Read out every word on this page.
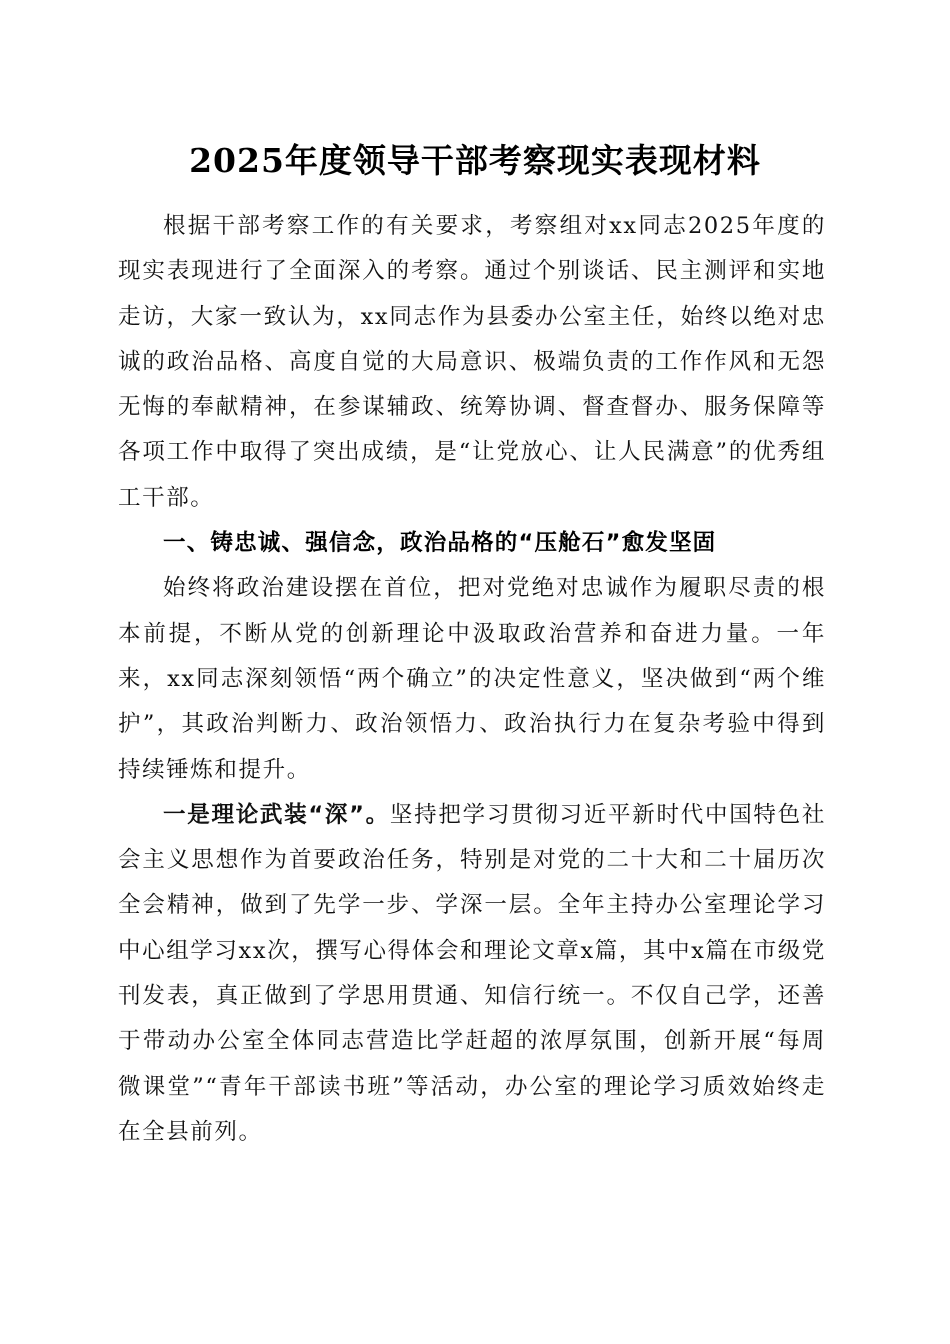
2025年度领导干部考察现实表现材料

根据干部考察工作的有关要求，考察组对xx同志2025年度的现实表现进行了全面深入的考察。通过个别谈话、民主测评和实地走访，大家一致认为，xx同志作为县委办公室主任，始终以绝对忠诚的政治品格、高度自觉的大局意识、极端负责的工作作风和无怨无悔的奉献精神，在参谋辅政、统筹协调、督查督办、服务保障等各项工作中取得了突出成绩，是“让党放心、让人民满意”的优秀组工干部。

一、铸忠诚、强信念，政治品格的“压舱石”愈发坚固

始终将政治建设摆在首位，把对党绝对忠诚作为履职尽责的根本前提，不断从党的创新理论中汲取政治营养和奋进力量。一年来，xx同志深刻领悟“两个确立”的决定性意义，坚决做到“两个维护”，其政治判断力、政治领悟力、政治执行力在复杂考验中得到持续锤炼和提升。

一是理论武装“深”。坚持把学习贯彻习近平新时代中国特色社会主义思想作为首要政治任务，特别是对党的二十大和二十届历次全会精神，做到了先学一步、学深一层。全年主持办公室理论学习中心组学习xx次，撰写心得体会和理论文章x篇，其中x篇在市级党刊发表，真正做到了学思用贯通、知信行统一。不仅自己学，还善于带动办公室全体同志营造比学赶超的浓厚氛围，创新开展“每周微课堂”“青年干部读书班”等活动，办公室的理论学习质效始终走在全县前列。
